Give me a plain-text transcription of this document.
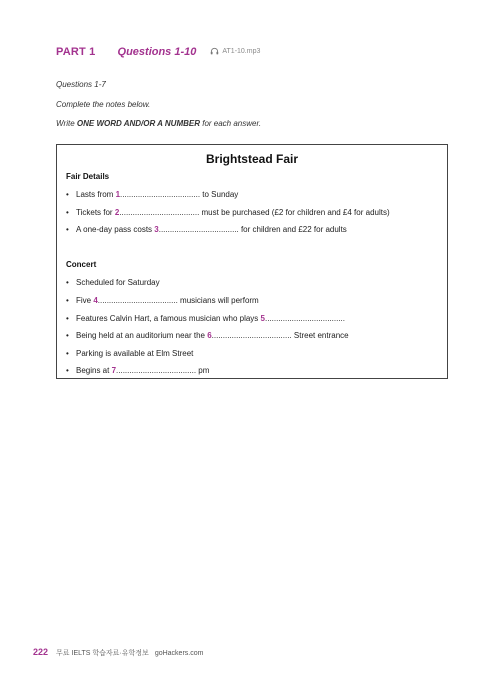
PART 1 Questions 1-10	AT1-10.mp3
Questions 1-7
Complete the notes below.
Write ONE WORD AND/OR A NUMBER for each answer.
Brightstead Fair
Fair Details
• Lasts from 1.................................... to Sunday
• Tickets for 2.................................... must be purchased (£2 for children and £4 for adults)
• A one-day pass costs 3.................................... for children and £22 for adults
Concert
• Scheduled for Saturday
• Five 4.................................... musicians will perform
• Features Calvin Hart, a famous musician who plays 5....................................
• Being held at an auditorium near the 6.................................... Street entrance
• Parking is available at Elm Street
• Begins at 7.................................... pm
222 무료 IELTS 학습자료·유학정보 goHackers.com
